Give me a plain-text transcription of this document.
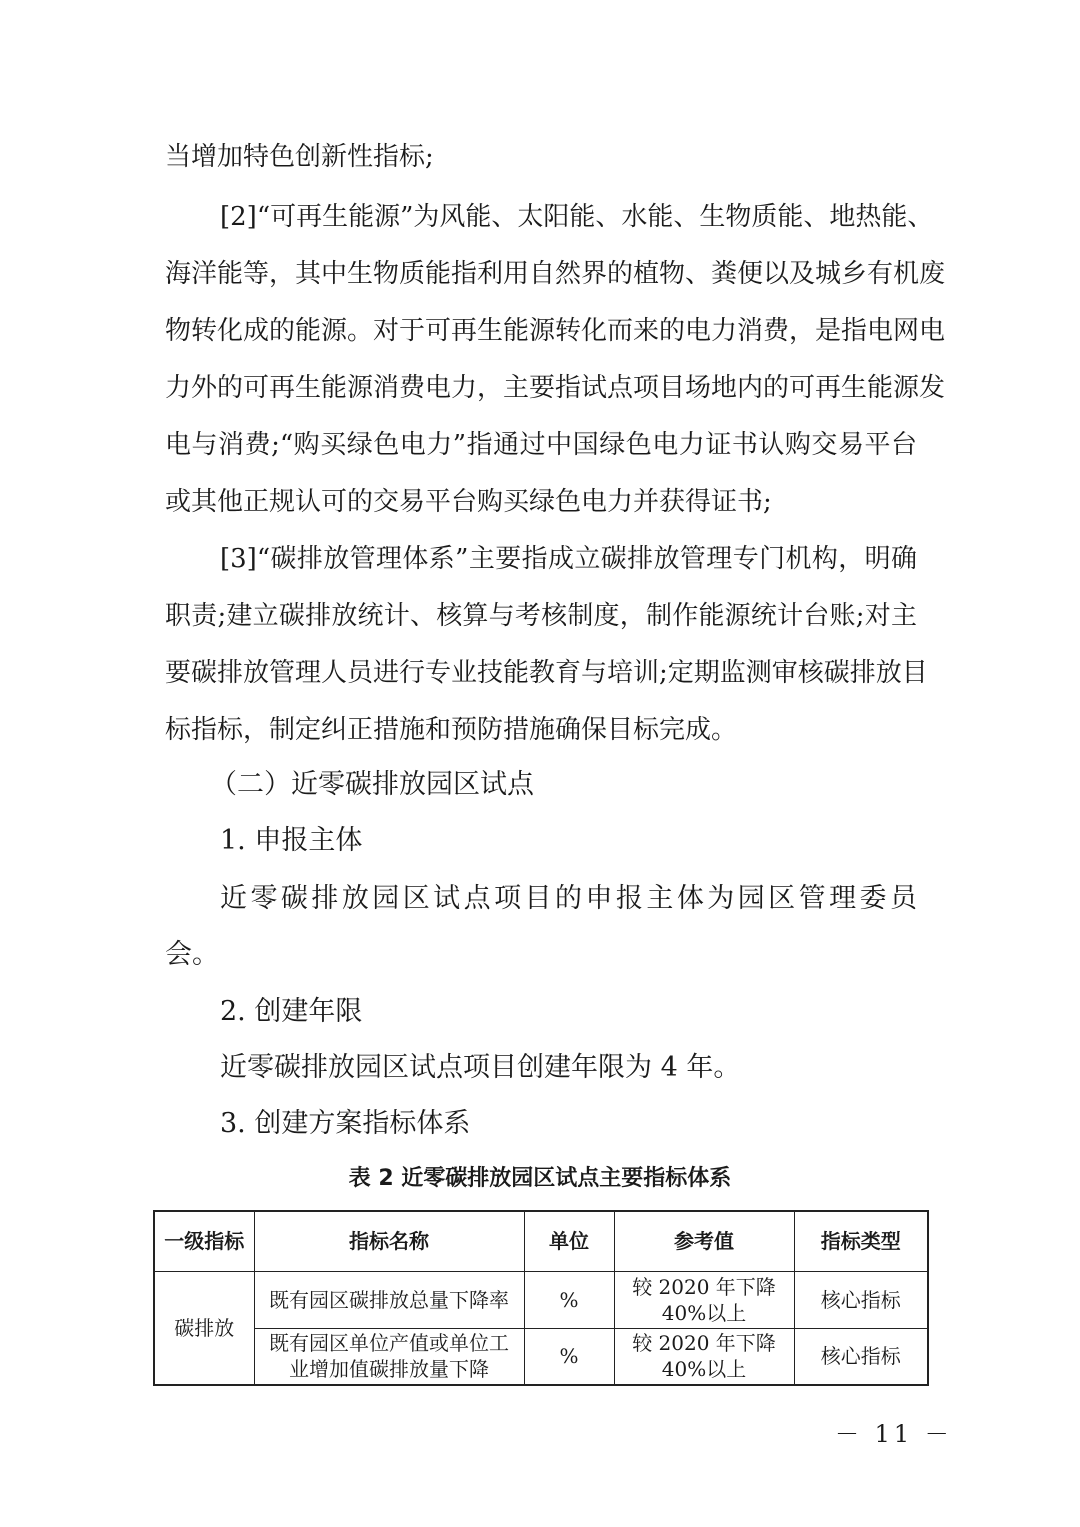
当增加特色创新性指标;
[2]“可再生能源”为风能、太阳能、水能、生物质能、地热能、
海洋能等，其中生物质能指利用自然界的植物、粪便以及城乡有机废
物转化成的能源。对于可再生能源转化而来的电力消费，是指电网电
力外的可再生能源消费电力，主要指试点项目场地内的可再生能源发
电与消费;“购买绿色电力”指通过中国绿色电力证书认购交易平台
或其他正规认可的交易平台购买绿色电力并获得证书;
[3]“碳排放管理体系”主要指成立碳排放管理专门机构，明确
职责;建立碳排放统计、核算与考核制度，制作能源统计台账;对主
要碳排放管理人员进行专业技能教育与培训;定期监测审核碳排放目
标指标，制定纠正措施和预防措施确保目标完成。
（二）近零碳排放园区试点
1. 申报主体
近零碳排放园区试点项目的申报主体为园区管理委员
会。
2. 创建年限
近零碳排放园区试点项目创建年限为 4 年。
3. 创建方案指标体系
表 2 近零碳排放园区试点主要指标体系
一级指标	指标名称	单位	参考值	指标类型
碳排放	既有园区碳排放总量下降率	%	较 2020 年下降 40%以上	核心指标
	既有园区单位产值或单位工业增加值碳排放量下降	%	较 2020 年下降 40%以上	核心指标
－ 11 －
